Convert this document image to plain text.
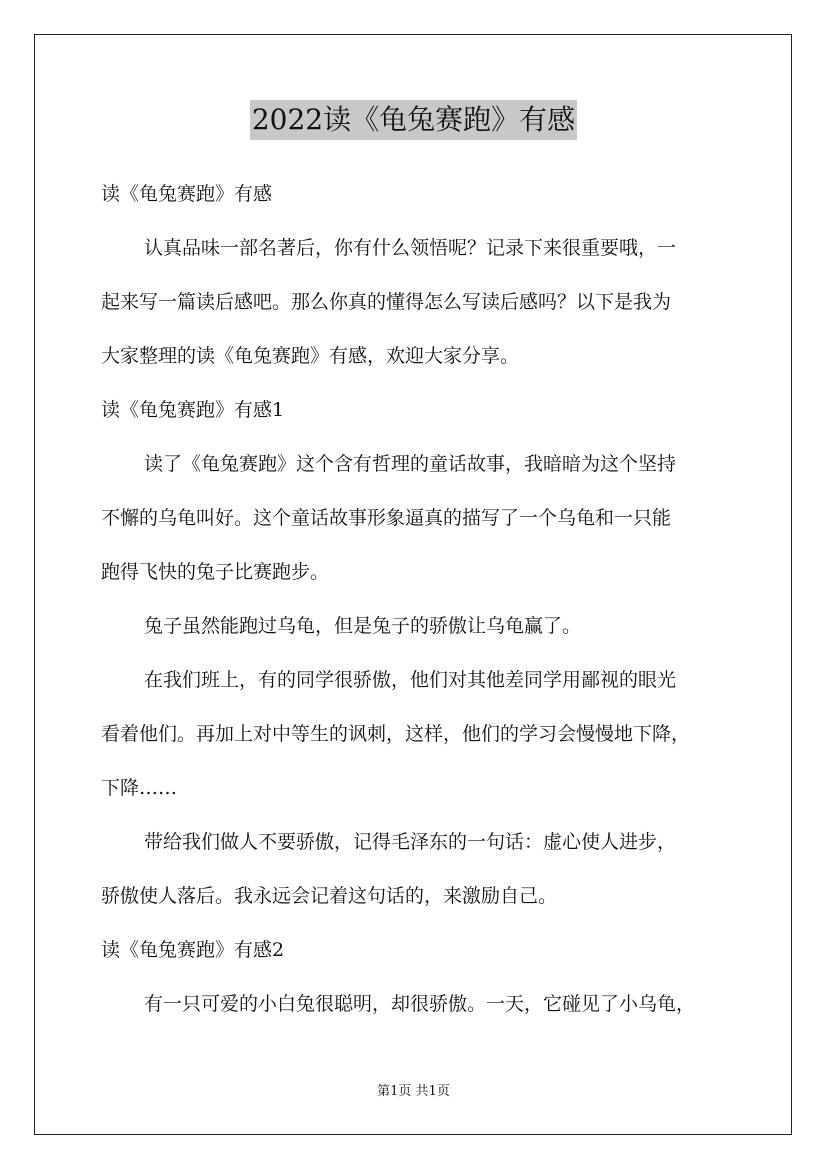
2022读《龟兔赛跑》有感
读《龟兔赛跑》有感
认真品味一部名著后，你有什么领悟呢？记录下来很重要哦，一
起来写一篇读后感吧。那么你真的懂得怎么写读后感吗？以下是我为
大家整理的读《龟兔赛跑》有感，欢迎大家分享。
读《龟兔赛跑》有感1
读了《龟兔赛跑》这个含有哲理的童话故事，我暗暗为这个坚持
不懈的乌龟叫好。这个童话故事形象逼真的描写了一个乌龟和一只能
跑得飞快的兔子比赛跑步。
兔子虽然能跑过乌龟，但是兔子的骄傲让乌龟赢了。
在我们班上，有的同学很骄傲，他们对其他差同学用鄙视的眼光
看着他们。再加上对中等生的讽刺，这样，他们的学习会慢慢地下降，
下降……
带给我们做人不要骄傲，记得毛泽东的一句话：虚心使人进步，
骄傲使人落后。我永远会记着这句话的，来激励自己。
读《龟兔赛跑》有感2
有一只可爱的小白兔很聪明，却很骄傲。一天，它碰见了小乌龟，
第1页 共1页
